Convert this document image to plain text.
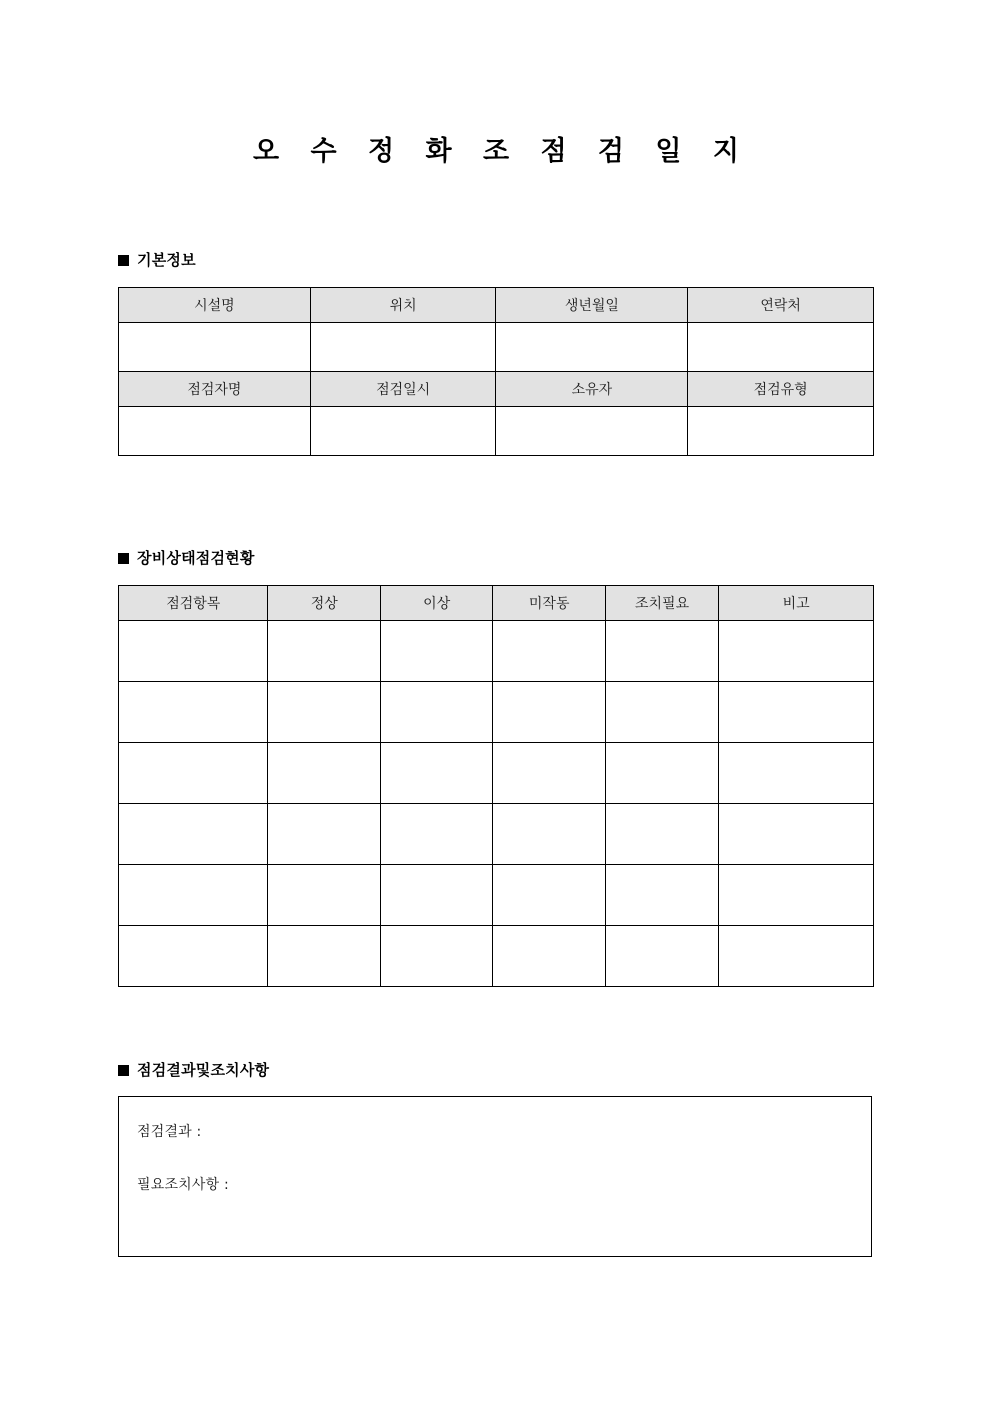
오 수 정 화 조 점 검 일 지
기본정보
시설명	위치	생년월일	연락처

점검자명	점검일시	소유자	점검유형

장비상태점검현황
점검항목	정상	이상	미작동	조치필요	비고

점검결과및조치사항
점검결과 :
필요조치사항 :
